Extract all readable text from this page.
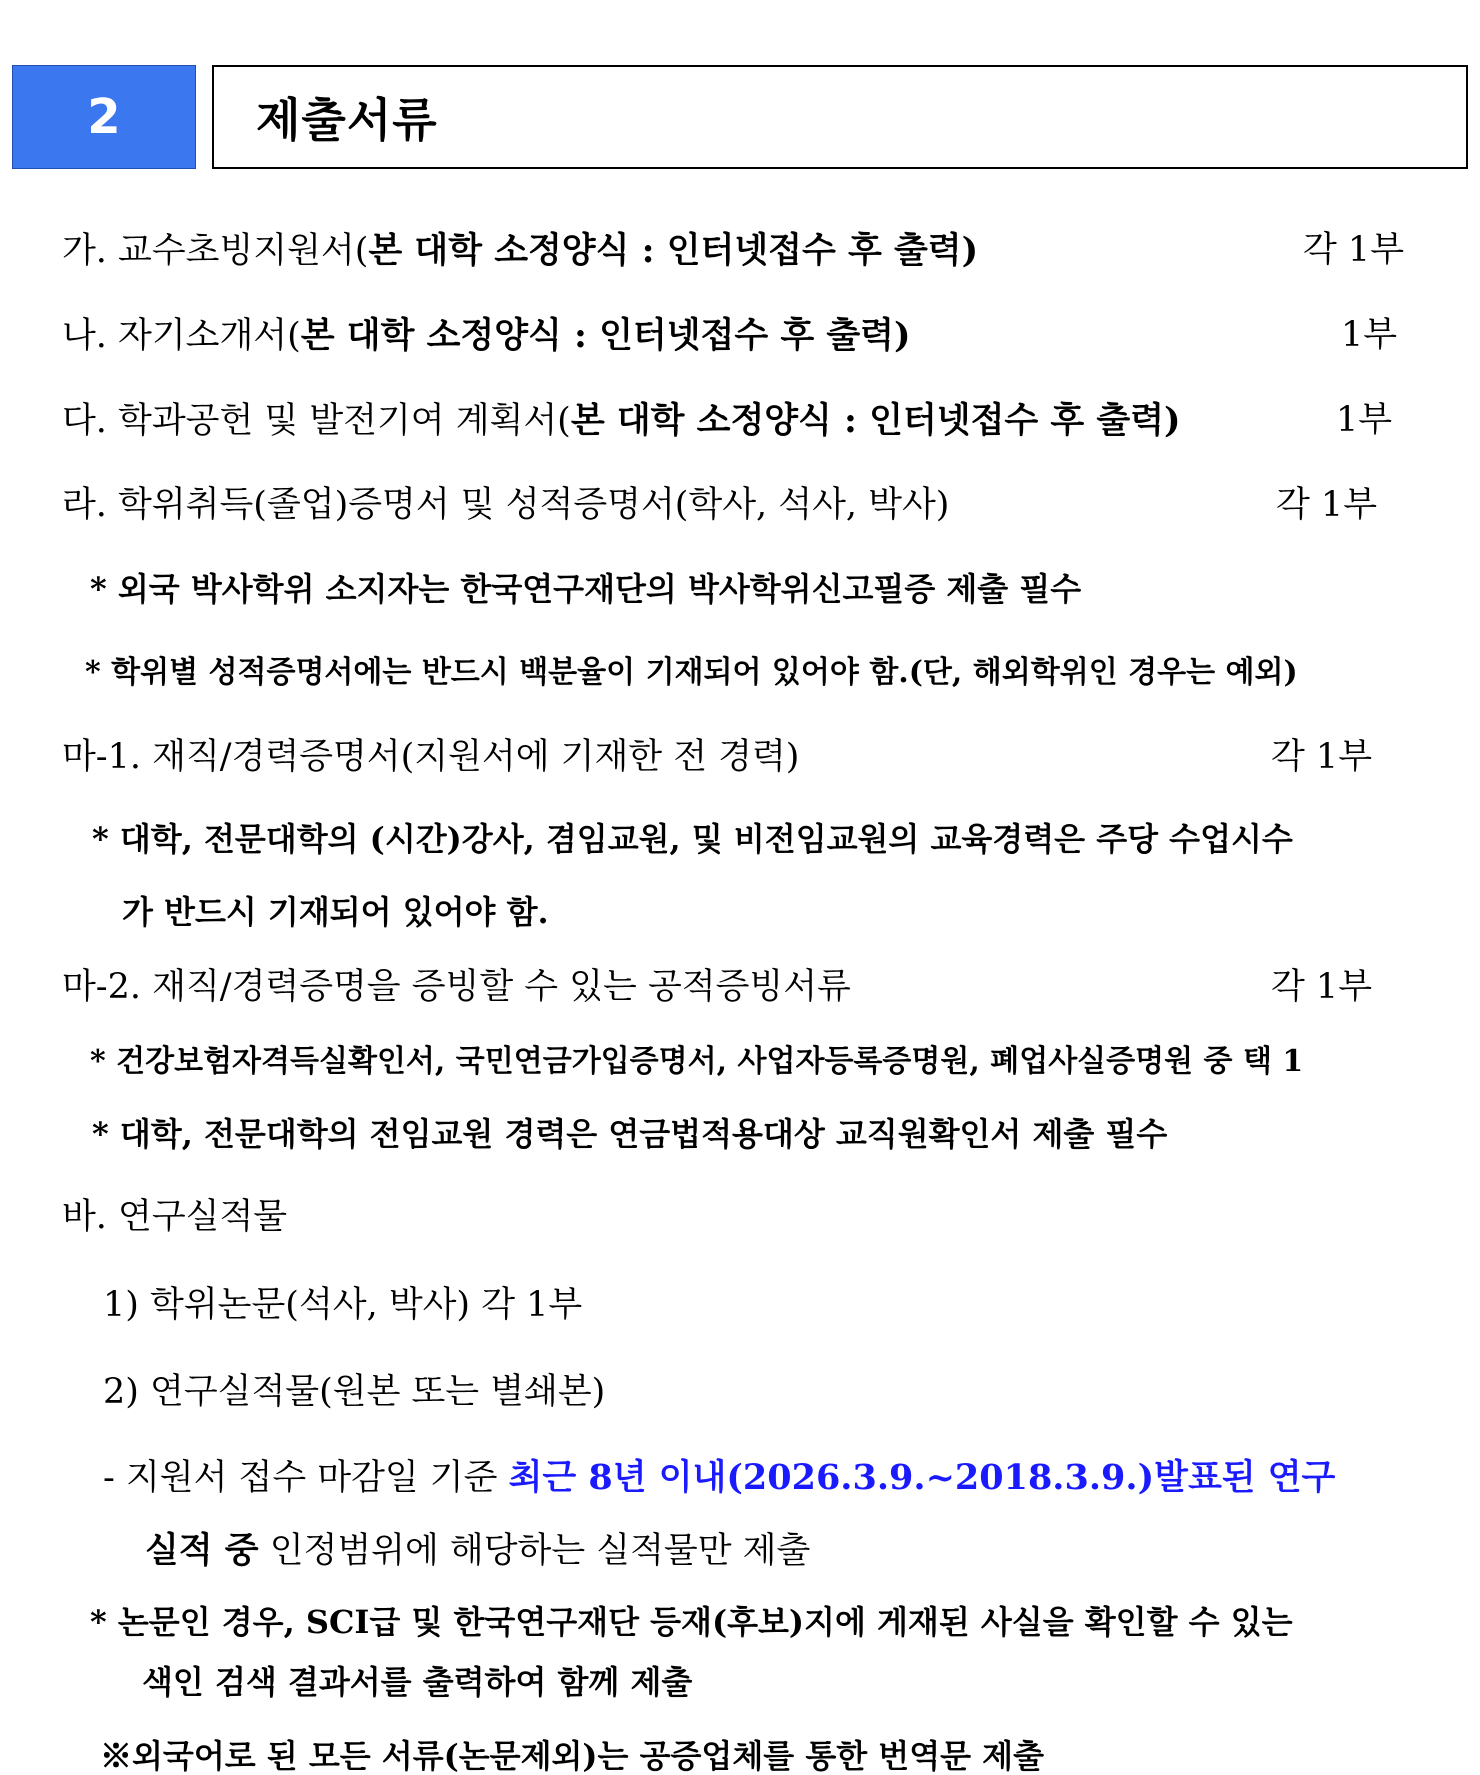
2	제출서류
가. 교수초빙지원서(본 대학 소정양식 : 인터넷접수 후 출력)	각 1부
나. 자기소개서(본 대학 소정양식 : 인터넷접수 후 출력)	1부
다. 학과공헌 및 발전기여 계획서(본 대학 소정양식 : 인터넷접수 후 출력)	1부
라. 학위취득(졸업)증명서 및 성적증명서(학사, 석사, 박사)	각 1부
* 외국 박사학위 소지자는 한국연구재단의 박사학위신고필증 제출 필수
* 학위별 성적증명서에는 반드시 백분율이 기재되어 있어야 함.(단, 해외학위인 경우는 예외)
마-1. 재직/경력증명서(지원서에 기재한 전 경력)	각 1부
* 대학, 전문대학의 (시간)강사, 겸임교원, 및 비전임교원의 교육경력은 주당 수업시수
가 반드시 기재되어 있어야 함.
마-2. 재직/경력증명을 증빙할 수 있는 공적증빙서류	각 1부
* 건강보험자격득실확인서, 국민연금가입증명서, 사업자등록증명원, 폐업사실증명원 중 택 1
* 대학, 전문대학의 전임교원 경력은 연금법적용대상 교직원확인서 제출 필수
바. 연구실적물
1) 학위논문(석사, 박사) 각 1부
2) 연구실적물(원본 또는 별쇄본)
- 지원서 접수 마감일 기준 최근 8년 이내(2026.3.9.~2018.3.9.)발표된 연구
실적 중 인정범위에 해당하는 실적물만 제출
* 논문인 경우, SCI급 및 한국연구재단 등재(후보)지에 게재된 사실을 확인할 수 있는
색인 검색 결과서를 출력하여 함께 제출
※외국어로 된 모든 서류(논문제외)는 공증업체를 통한 번역문 제출
